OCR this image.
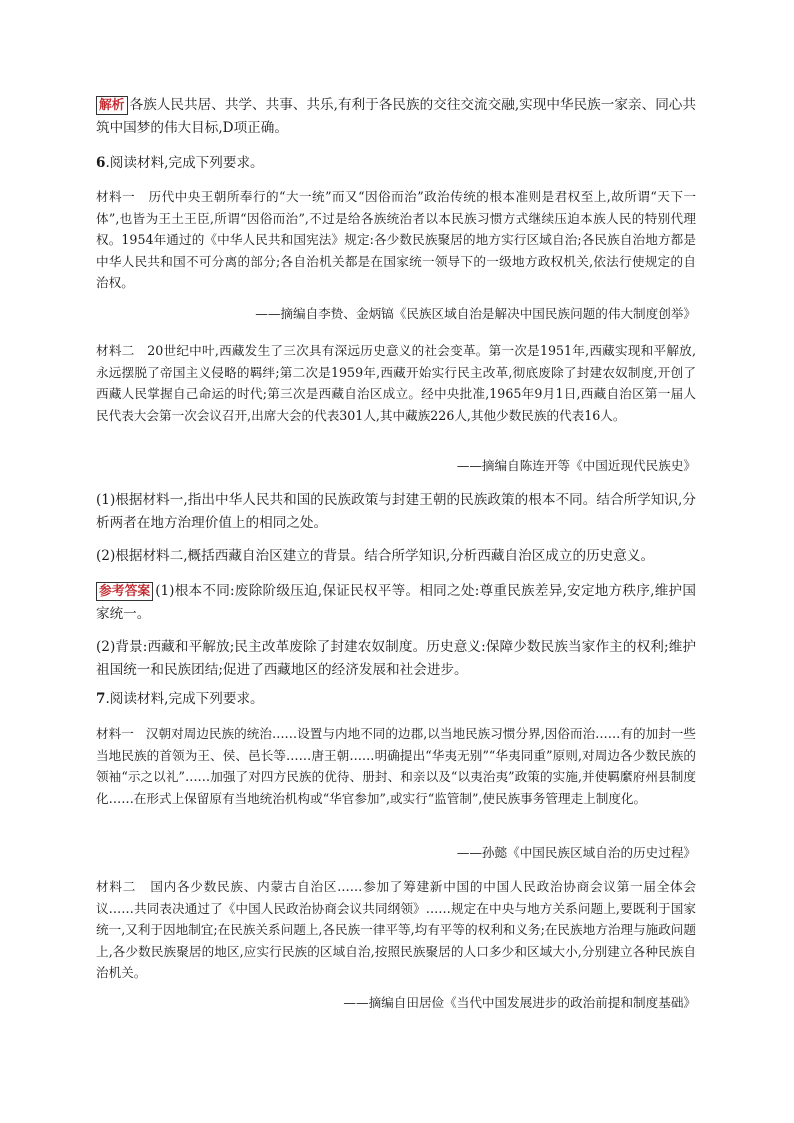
解析 各族人民共居、共学、共事、共乐,有利于各民族的交往交流交融,实现中华民族一家亲、同心共筑中国梦的伟大目标,D项正确。

6.阅读材料,完成下列要求。

材料一 历代中央王朝所奉行的“大一统”而又“因俗而治”政治传统的根本准则是君权至上,故所谓“天下一体”,也皆为王土王臣,所谓“因俗而治”,不过是给各族统治者以本民族习惯方式继续压迫本族人民的特别代理权。1954年通过的《中华人民共和国宪法》规定:各少数民族聚居的地方实行区域自治;各民族自治地方都是中华人民共和国不可分离的部分;各自治机关都是在国家统一领导下的一级地方政权机关,依法行使规定的自治权。

——摘编自李贽、金炳镐《民族区域自治是解决中国民族问题的伟大制度创举》

材料二 20世纪中叶,西藏发生了三次具有深远历史意义的社会变革。第一次是1951年,西藏实现和平解放,永远摆脱了帝国主义侵略的羁绊;第二次是1959年,西藏开始实行民主改革,彻底废除了封建农奴制度,开创了西藏人民掌握自己命运的时代;第三次是西藏自治区成立。经中央批准,1965年9月1日,西藏自治区第一届人民代表大会第一次会议召开,出席大会的代表301人,其中藏族226人,其他少数民族的代表16人。

——摘编自陈连开等《中国近现代民族史》

(1)根据材料一,指出中华人民共和国的民族政策与封建王朝的民族政策的根本不同。结合所学知识,分析两者在地方治理价值上的相同之处。

(2)根据材料二,概括西藏自治区建立的背景。结合所学知识,分析西藏自治区成立的历史意义。

参考答案 (1)根本不同:废除阶级压迫,保证民权平等。相同之处:尊重民族差异,安定地方秩序,维护国家统一。

(2)背景:西藏和平解放;民主改革废除了封建农奴制度。历史意义:保障少数民族当家作主的权利;维护祖国统一和民族团结;促进了西藏地区的经济发展和社会进步。

7.阅读材料,完成下列要求。

材料一 汉朝对周边民族的统治……设置与内地不同的边郡,以当地民族习惯分界,因俗而治……有的加封一些当地民族的首领为王、侯、邑长等……唐王朝……明确提出“华夷无别”“华夷同重”原则,对周边各少数民族的领袖“示之以礼”……加强了对四方民族的优待、册封、和亲以及“以夷治夷”政策的实施,并使羁縻府州县制度化……在形式上保留原有当地统治机构或“华官参加”,或实行“监管制”,使民族事务管理走上制度化。

——孙懿《中国民族区域自治的历史过程》

材料二 国内各少数民族、内蒙古自治区……参加了筹建新中国的中国人民政治协商会议第一届全体会议……共同表决通过了《中国人民政治协商会议共同纲领》……规定在中央与地方关系问题上,要既利于国家统一,又利于因地制宜;在民族关系问题上,各民族一律平等,均有平等的权利和义务;在民族地方治理与施政问题上,各少数民族聚居的地区,应实行民族的区域自治,按照民族聚居的人口多少和区域大小,分别建立各种民族自治机关。

——摘编自田居俭《当代中国发展进步的政治前提和制度基础》
